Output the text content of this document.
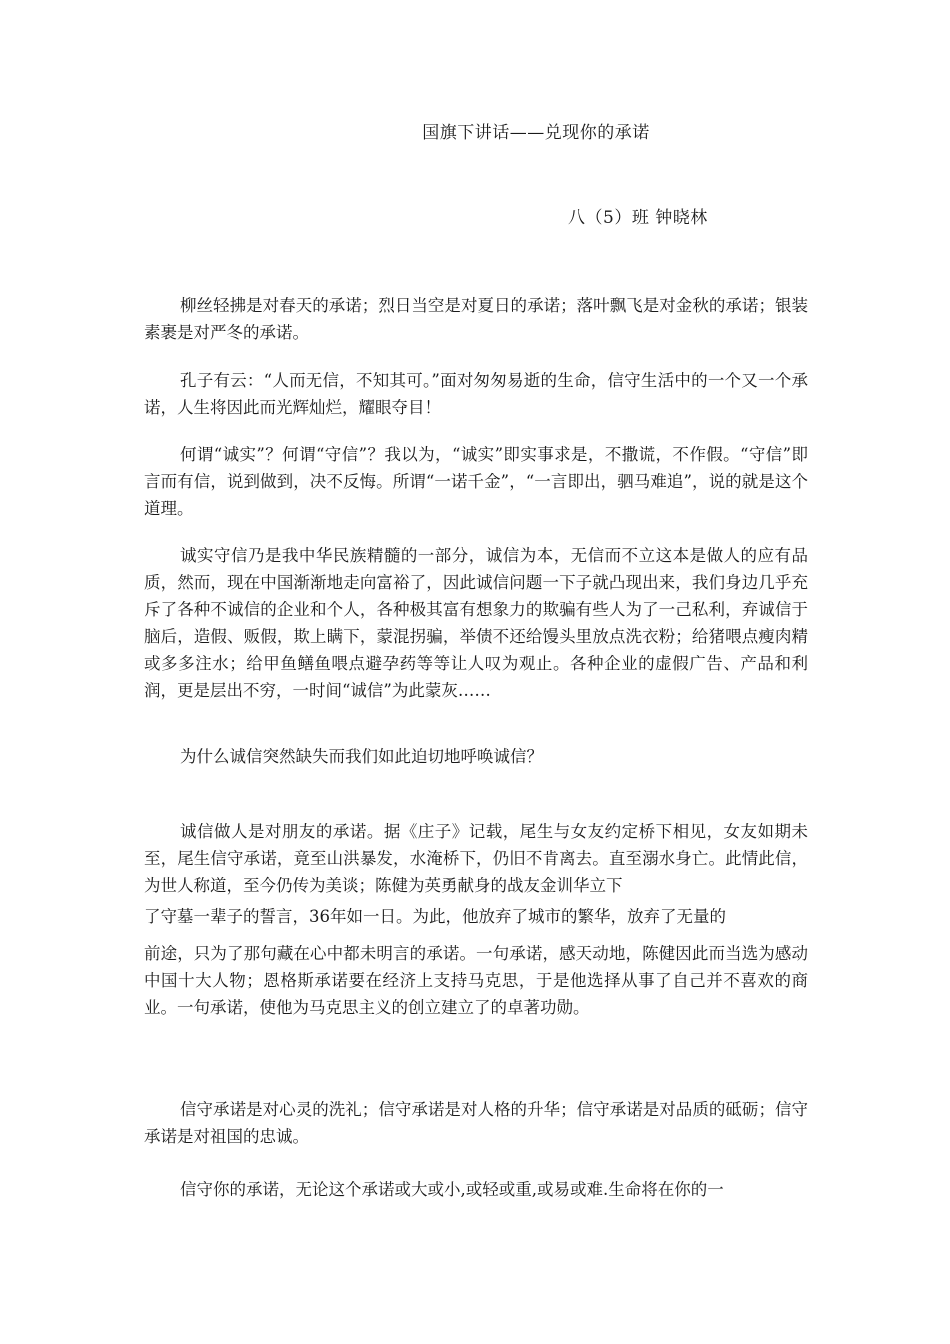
国旗下讲话——兑现你的承诺
八（5）班 钟晓林

柳丝轻拂是对春天的承诺；烈日当空是对夏日的承诺；落叶飘飞是对金秋的承诺；银装素裹是对严冬的承诺。

孔子有云：“人而无信，不知其可。”面对匆匆易逝的生命，信守生活中的一个又一个承诺，人生将因此而光辉灿烂，耀眼夺目！

何谓“诚实”？何谓“守信”？我以为，“诚实”即实事求是，不撒谎，不作假。“守信”即言而有信，说到做到，决不反悔。所谓“一诺千金”，“一言即出，驷马难追”，说的就是这个道理。

诚实守信乃是我中华民族精髓的一部分，诚信为本，无信而不立这本是做人的应有品质，然而，现在中国渐渐地走向富裕了，因此诚信问题一下子就凸现出来，我们身边几乎充斥了各种不诚信的企业和个人，各种极其富有想象力的欺骗有些人为了一己私利，弃诚信于脑后，造假、贩假，欺上瞒下，蒙混拐骗，举债不还给馒头里放点洗衣粉；给猪喂点瘦肉精或多多注水；给甲鱼鳝鱼喂点避孕药等等让人叹为观止。各种企业的虚假广告、产品和利润，更是层出不穷，一时间“诚信”为此蒙灰……

为什么诚信突然缺失而我们如此迫切地呼唤诚信？

诚信做人是对朋友的承诺。据《庄子》记载，尾生与女友约定桥下相见，女友如期未至，尾生信守承诺，竟至山洪暴发，水淹桥下，仍旧不肯离去。直至溺水身亡。此情此信，为世人称道，至今仍传为美谈；陈健为英勇献身的战友金训华立下

了守墓一辈子的誓言，36年如一日。为此，他放弃了城市的繁华，放弃了无量的

前途，只为了那句藏在心中都未明言的承诺。一句承诺，感天动地，陈健因此而当选为感动中国十大人物；恩格斯承诺要在经济上支持马克思，于是他选择从事了自己并不喜欢的商业。一句承诺，使他为马克思主义的创立建立了的卓著功勋。

信守承诺是对心灵的洗礼；信守承诺是对人格的升华；信守承诺是对品质的砥砺；信守承诺是对祖国的忠诚。

信守你的承诺，无论这个承诺或大或小,或轻或重,或易或难.生命将在你的一
